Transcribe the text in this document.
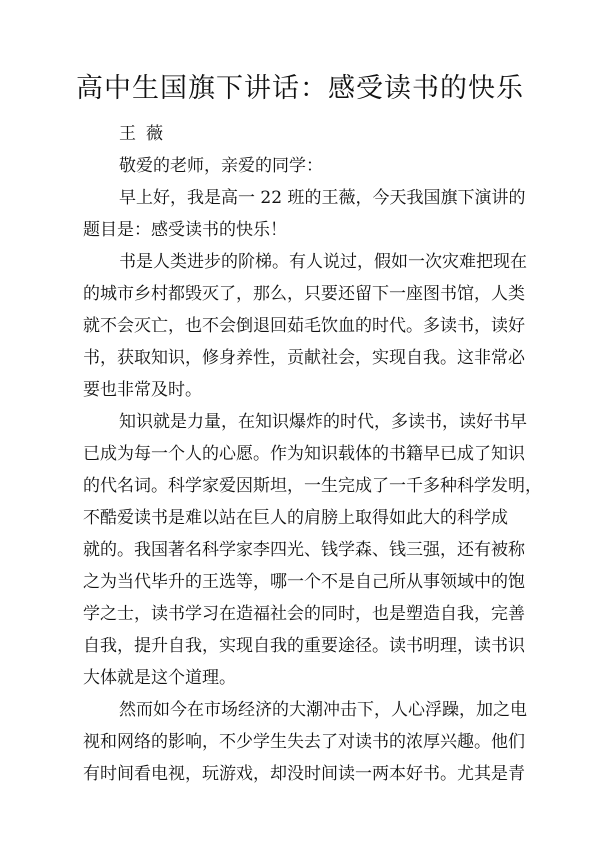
高中生国旗下讲话：感受读书的快乐
王薇
敬爱的老师，亲爱的同学：
早上好，我是高一 22 班的王薇，今天我国旗下演讲的
题目是：感受读书的快乐！
书是人类进步的阶梯。有人说过，假如一次灾难把现在
的城市乡村都毁灭了，那么，只要还留下一座图书馆，人类
就不会灭亡，也不会倒退回茹毛饮血的时代。多读书，读好
书，获取知识，修身养性，贡献社会，实现自我。这非常必
要也非常及时。
知识就是力量，在知识爆炸的时代，多读书，读好书早
已成为每一个人的心愿。作为知识载体的书籍早已成了知识
的代名词。科学家爱因斯坦，一生完成了一千多种科学发明，
不酷爱读书是难以站在巨人的肩膀上取得如此大的科学成
就的。我国著名科学家李四光、钱学森、钱三强，还有被称
之为当代毕升的王选等，哪一个不是自己所从事领域中的饱
学之士，读书学习在造福社会的同时，也是塑造自我，完善
自我，提升自我，实现自我的重要途径。读书明理，读书识
大体就是这个道理。
然而如今在市场经济的大潮冲击下，人心浮躁，加之电
视和网络的影响，不少学生失去了对读书的浓厚兴趣。他们
有时间看电视，玩游戏，却没时间读一两本好书。尤其是青
